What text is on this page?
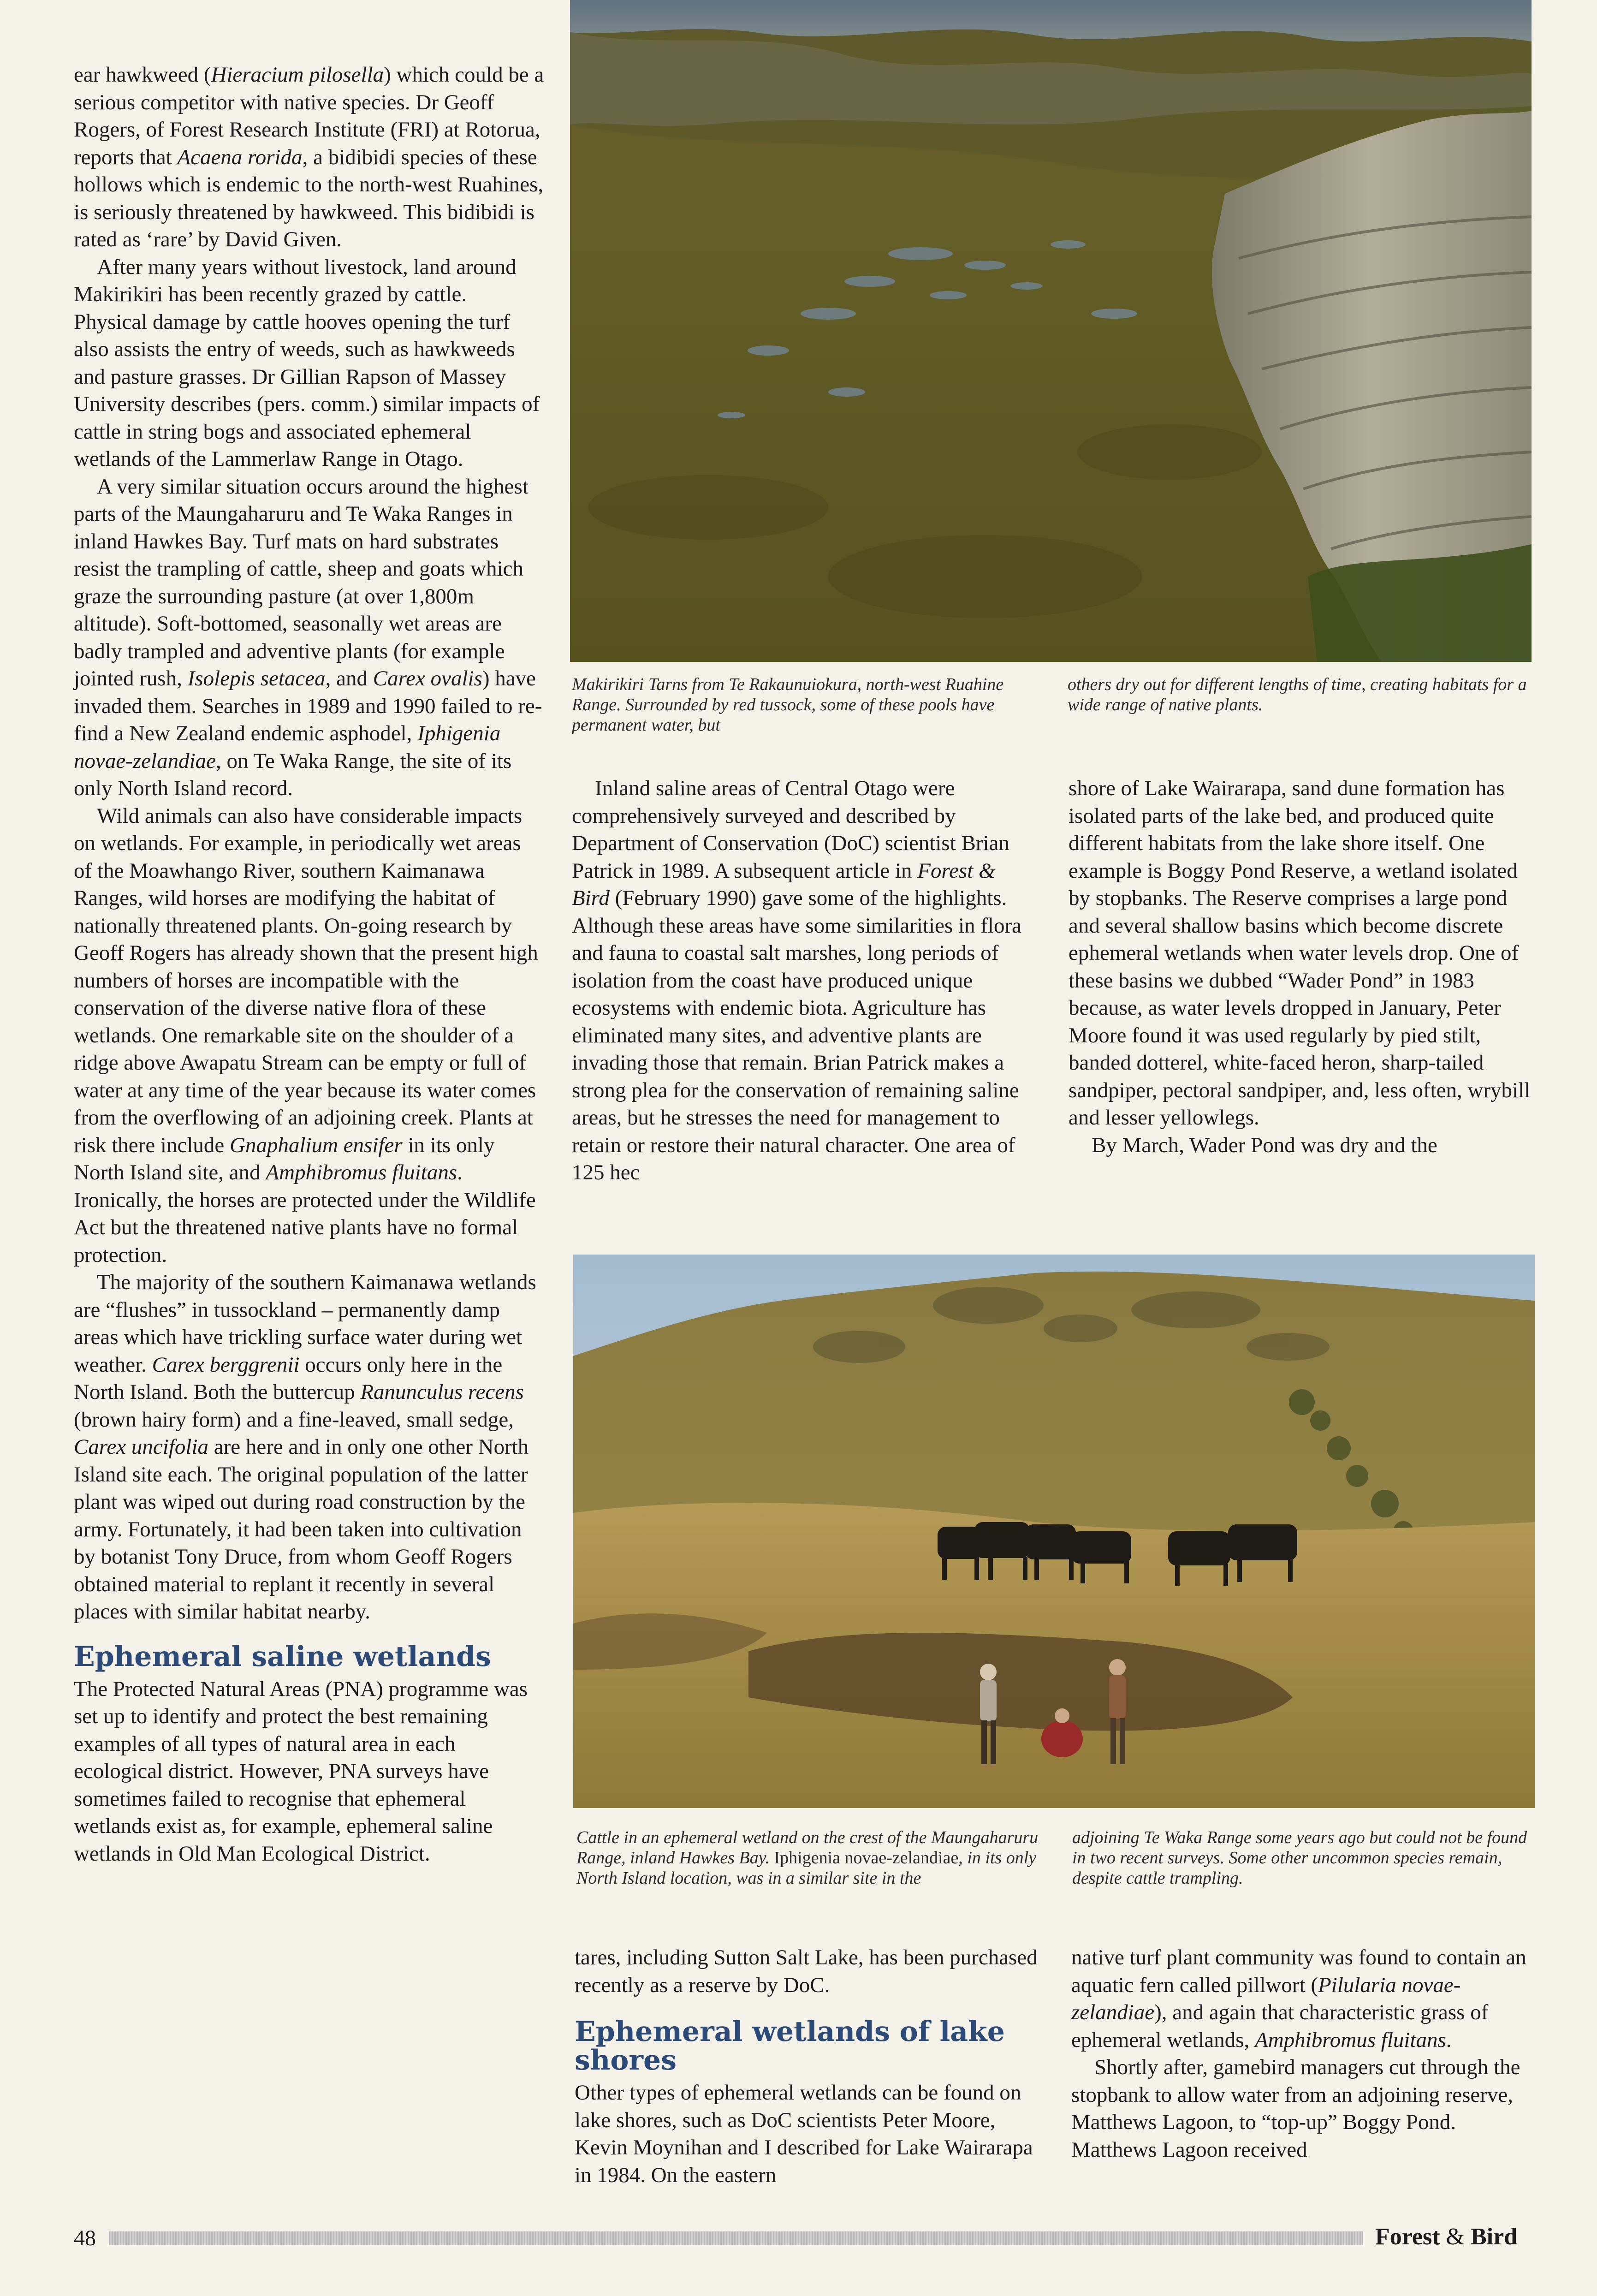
Makirikiri Tarns from Te Rakaunuiokura, north-west Ruahine Range. Surrounded by red tussock, some of these pools have permanent water, but
others dry out for different lengths of time, creating habitats for a wide range of native plants.

ear hawkweed (Hieracium pilosella) which could be a serious competitor with native species. Dr Geoff Rogers, of Forest Research Institute (FRI) at Rotorua, reports that Acaena rorida, a bidibidi species of these hollows which is endemic to the north-west Ruahines, is seriously threatened by hawkweed. This bidibidi is rated as ‘rare’ by David Given.

After many years without livestock, land around Makirikiri has been recently grazed by cattle. Physical damage by cattle hooves opening the turf also assists the entry of weeds, such as hawkweeds and pasture grasses. Dr Gillian Rapson of Massey University describes (pers. comm.) similar impacts of cattle in string bogs and associated ephemeral wetlands of the Lammerlaw Range in Otago.

A very similar situation occurs around the highest parts of the Maungaharuru and Te Waka Ranges in inland Hawkes Bay. Turf mats on hard substrates resist the trampling of cattle, sheep and goats which graze the surrounding pasture (at over 1,800m altitude). Soft-bottomed, seasonally wet areas are badly trampled and adventive plants (for example jointed rush, Isolepis setacea, and Carex ovalis) have invaded them. Searches in 1989 and 1990 failed to re-find a New Zealand endemic asphodel, Iphigenia novae-zelandiae, on Te Waka Range, the site of its only North Island record.

Wild animals can also have considerable impacts on wetlands. For example, in periodically wet areas of the Moawhango River, southern Kaimanawa Ranges, wild horses are modifying the habitat of nationally threatened plants. On-going research by Geoff Rogers has already shown that the present high numbers of horses are incompatible with the conservation of the diverse native flora of these wetlands. One remarkable site on the shoulder of a ridge above Awapatu Stream can be empty or full of water at any time of the year because its water comes from the overflowing of an adjoining creek. Plants at risk there include Gnaphalium ensifer in its only North Island site, and Amphibromus fluitans. Ironically, the horses are protected under the Wildlife Act but the threatened native plants have no formal protection.

The majority of the southern Kaimanawa wetlands are “flushes” in tussockland – permanently damp areas which have trickling surface water during wet weather. Carex berggrenii occurs only here in the North Island. Both the buttercup Ranunculus recens (brown hairy form) and a fine-leaved, small sedge, Carex uncifolia are here and in only one other North Island site each. The original population of the latter plant was wiped out during road construction by the army. Fortunately, it had been taken into cultivation by botanist Tony Druce, from whom Geoff Rogers obtained material to replant it recently in several places with similar habitat nearby.

Ephemeral saline wetlands

The Protected Natural Areas (PNA) programme was set up to identify and protect the best remaining examples of all types of natural area in each ecological district. However, PNA surveys have sometimes failed to recognise that ephemeral wetlands exist as, for example, ephemeral saline wetlands in Old Man Ecological District.

Inland saline areas of Central Otago were comprehensively surveyed and described by Department of Conservation (DoC) scientist Brian Patrick in 1989. A subsequent article in Forest & Bird (February 1990) gave some of the highlights. Although these areas have some similarities in flora and fauna to coastal salt marshes, long periods of isolation from the coast have produced unique ecosystems with endemic biota. Agriculture has eliminated many sites, and adventive plants are invading those that remain. Brian Patrick makes a strong plea for the conservation of remaining saline areas, but he stresses the need for management to retain or restore their natural character. One area of 125 hec

shore of Lake Wairarapa, sand dune formation has isolated parts of the lake bed, and produced quite different habitats from the lake shore itself. One example is Boggy Pond Reserve, a wetland isolated by stopbanks. The Reserve comprises a large pond and several shallow basins which become discrete ephemeral wetlands when water levels drop. One of these basins we dubbed “Wader Pond” in 1983 because, as water levels dropped in January, Peter Moore found it was used regularly by pied stilt, banded dotterel, white-faced heron, sharp-tailed sandpiper, pectoral sandpiper, and, less often, wrybill and lesser yellowlegs.

By March, Wader Pond was dry and the

Cattle in an ephemeral wetland on the crest of the Maungaharuru Range, inland Hawkes Bay. Iphigenia novae-zelandiae, in its only North Island location, was in a similar site in the
adjoining Te Waka Range some years ago but could not be found in two recent surveys. Some other uncommon species remain, despite cattle trampling.

tares, including Sutton Salt Lake, has been purchased recently as a reserve by DoC.

Ephemeral wetlands of lake shores

Other types of ephemeral wetlands can be found on lake shores, such as DoC scientists Peter Moore, Kevin Moynihan and I described for Lake Wairarapa in 1984. On the eastern

native turf plant community was found to contain an aquatic fern called pillwort (Pilularia novae-zelandiae), and again that characteristic grass of ephemeral wetlands, Amphibromus fluitans.

Shortly after, gamebird managers cut through the stopbank to allow water from an adjoining reserve, Matthews Lagoon, to “top-up” Boggy Pond. Matthews Lagoon received

48	Forest & Bird
